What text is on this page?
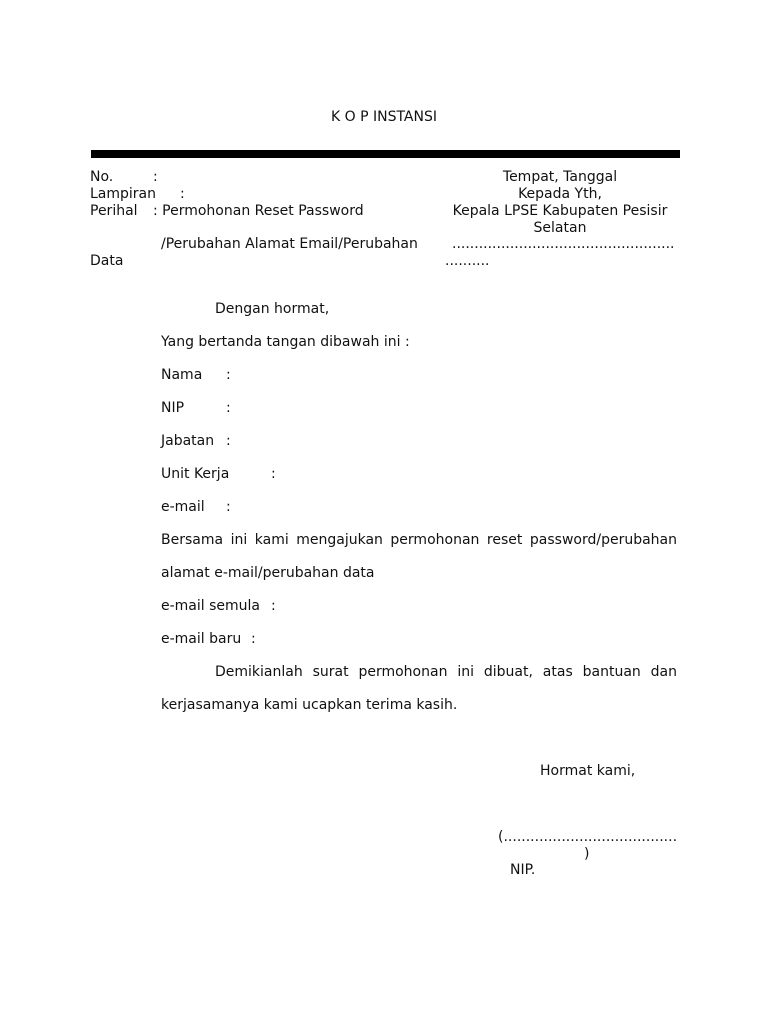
K O P INSTANSI
No.	:
Lampiran :
Perihal : Permohonan Reset Password
/Perubahan Alamat Email/Perubahan
Data
Tempat, Tanggal
Kepada Yth,
Kepala LPSE Kabupaten Pesisir
Selatan
..................................................
..........
Dengan hormat,
Yang bertanda tangan dibawah ini :
Nama :
NIP	:
Jabatan :
Unit Kerja	:
e-mail :
Bersama ini kami mengajukan permohonan reset password/perubahan
alamat e-mail/perubahan data
e-mail semula :
e-mail baru :
Demikianlah surat permohonan ini dibuat, atas bantuan dan
kerjasamanya kami ucapkan terima kasih.
Hormat kami,
(.......................................
)
NIP.
